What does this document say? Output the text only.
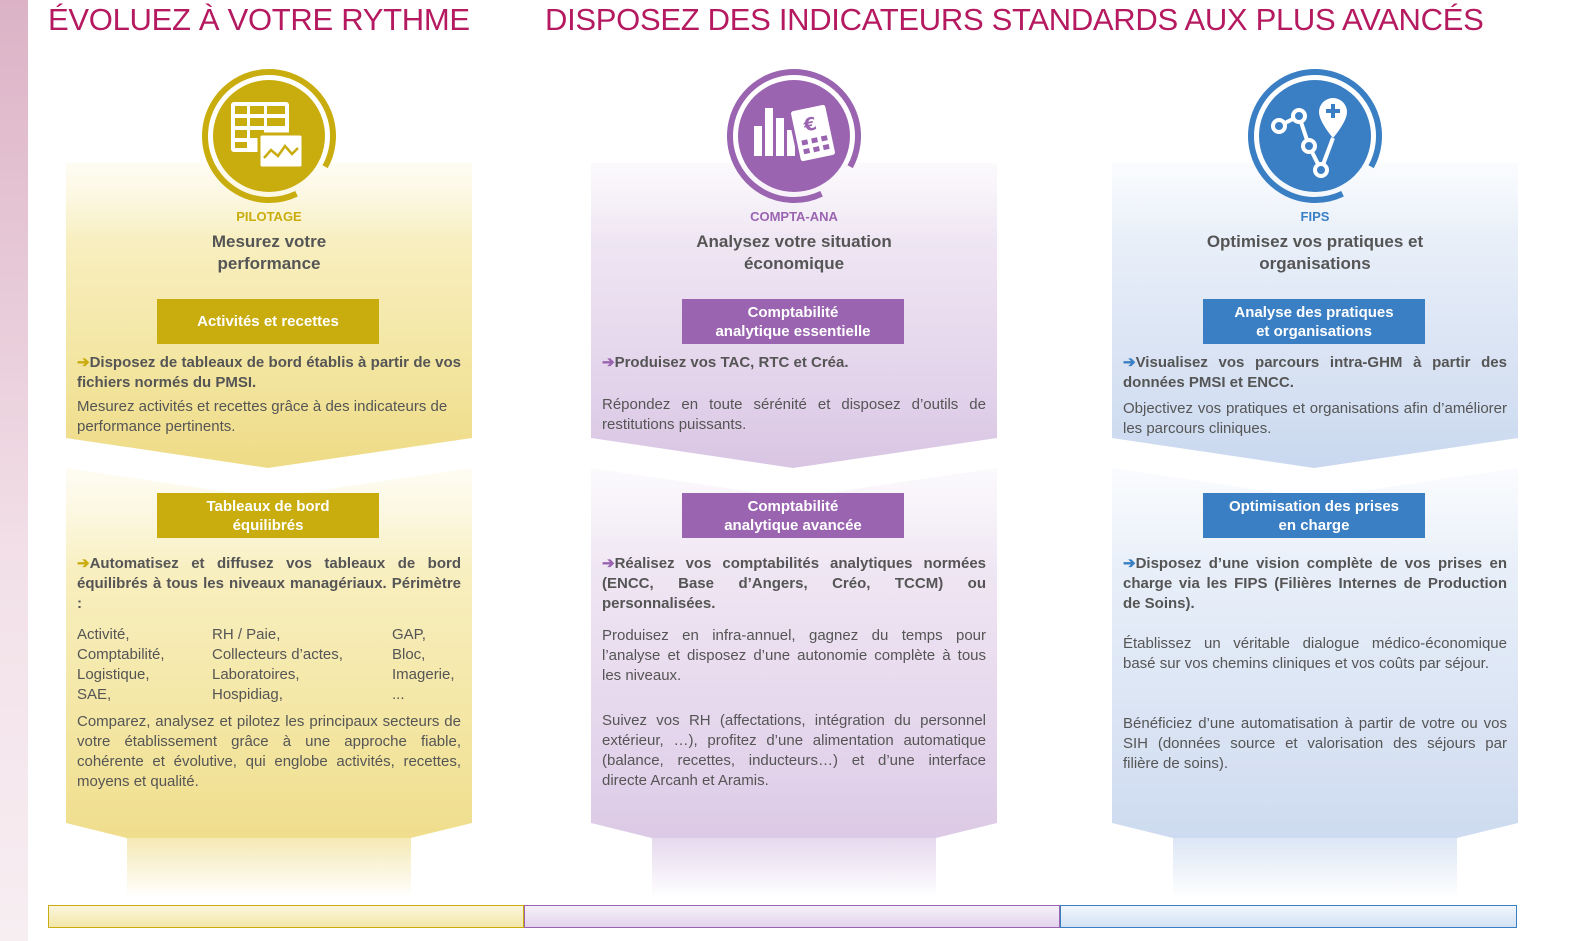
ÉVOLUEZ À VOTRE RYTHME DISPOSEZ DES INDICATEURS STANDARDS AUX PLUS AVANCÉS
PILOTAGE
Mesurez votre
performance
Activités et recettes
➔Disposez de tableaux de bord établis à partir de vos fichiers normés du PMSI.
Mesurez activités et recettes grâce à des indicateurs de performance pertinents.
Tableaux de bord
équilibrés
➔Automatisez et diffusez vos tableaux de bord équilibrés à tous les niveaux managériaux. Périmètre :
Activité,
Comptabilité,
Logistique,
SAE,
RH / Paie,
Collecteurs d’actes,
Laboratoires,
Hospidiag,
GAP,
Bloc,
Imagerie,
...
Comparez, analysez et pilotez les principaux secteurs de votre établissement grâce à une approche fiable, cohérente et évolutive, qui englobe activités, recettes, moyens et qualité.
€
COMPTA-ANA
Analysez votre situation
économique
Comptabilité
analytique essentielle
➔Produisez vos TAC, RTC et Créa.
Répondez en toute sérénité et disposez d’outils de restitutions puissants.
Comptabilité
analytique avancée
➔Réalisez vos comptabilités analytiques normées (ENCC, Base d’Angers, Créo, TCCM) ou personnalisées.
Produisez en infra-annuel, gagnez du temps pour l’analyse et disposez d’une autonomie complète à tous les niveaux.
Suivez vos RH (affectations, intégration du personnel extérieur, …), profitez d’une alimentation automatique (balance, recettes, inducteurs…) et d’une interface directe Arcanh et Aramis.
FIPS
Optimisez vos pratiques et
organisations
Analyse des pratiques
et organisations
➔Visualisez vos parcours intra-GHM à partir des données PMSI et ENCC.
Objectivez vos pratiques et organisations afin d’améliorer les parcours cliniques.
Optimisation des prises
en charge
➔Disposez d’une vision complète de vos prises en charge via les FIPS (Filières Internes de Production de Soins).
Établissez un véritable dialogue médico-économique basé sur vos chemins cliniques et vos coûts par séjour.
Bénéficiez d’une automatisation à partir de votre ou vos SIH (données source et valorisation des séjours par filière de soins).
